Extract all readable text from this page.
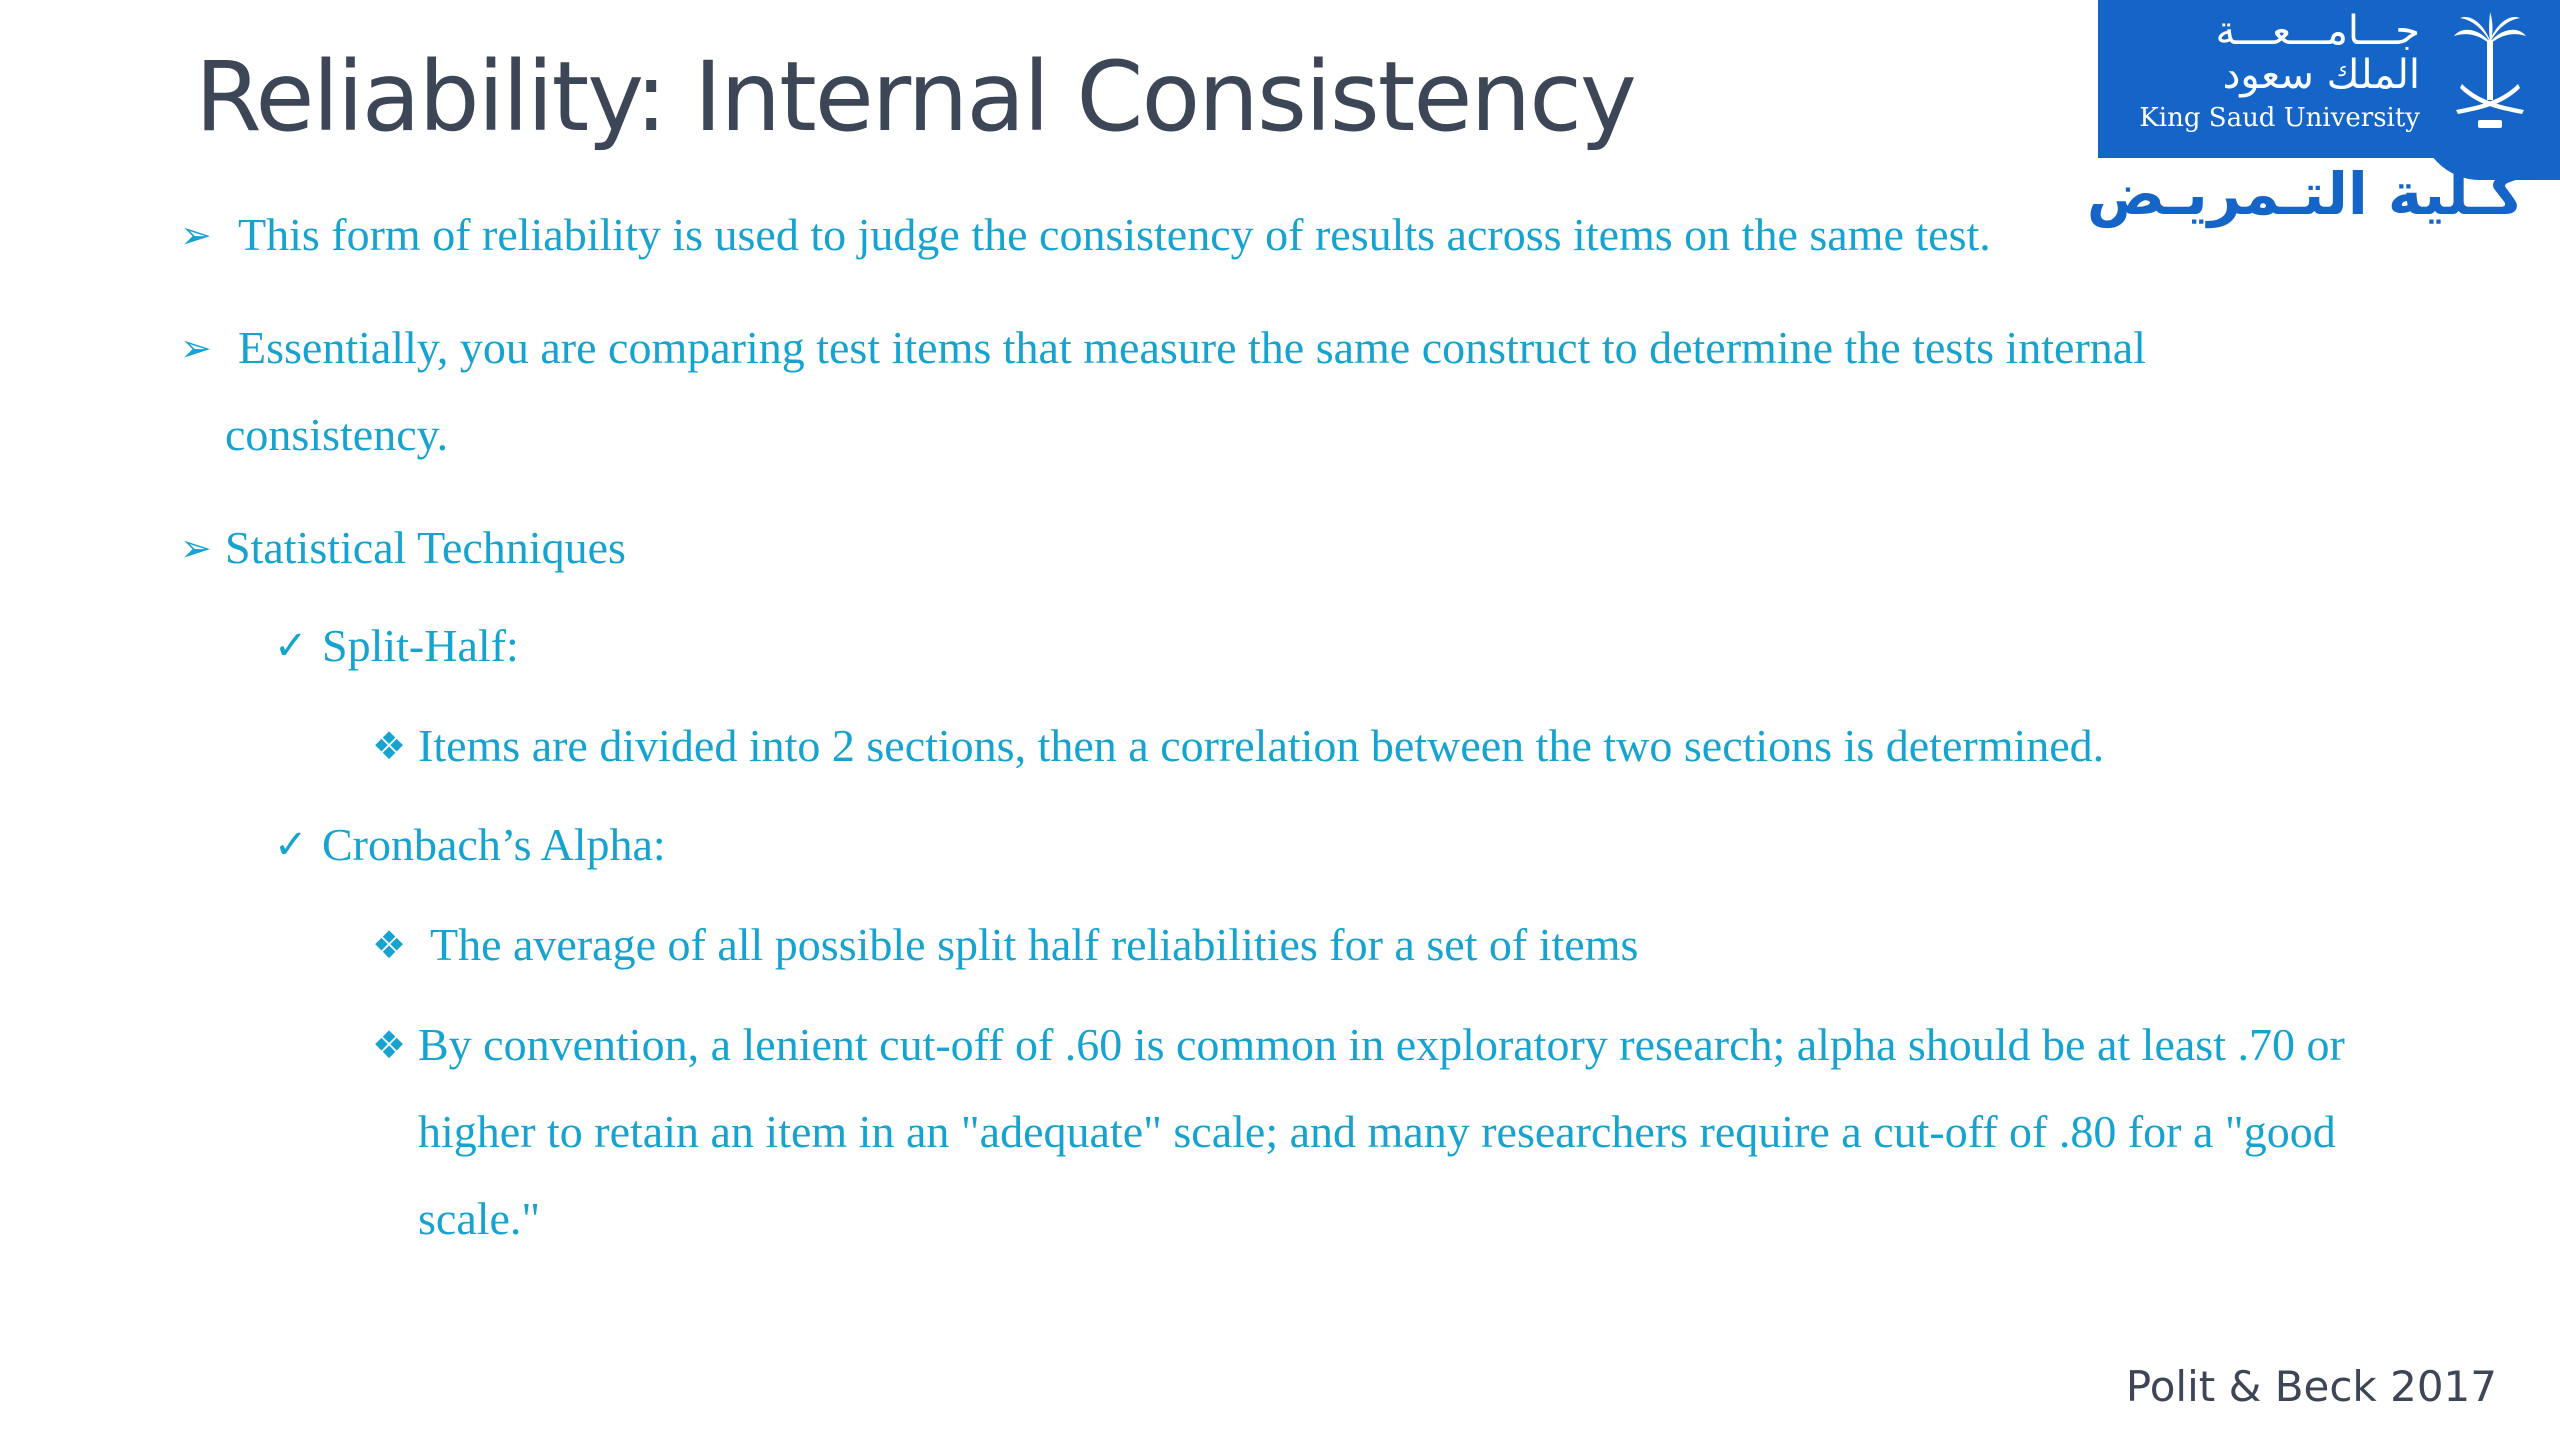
Reliability: Internal Consistency
جـــامـــعـــة
الملك سعود
King Saud University
كـلية التـمريـض
➢ This form of reliability is used to judge the consistency of results across items on the same test.
➢ Essentially, you are comparing test items that measure the same construct to determine the tests internal
consistency.
➢ Statistical Techniques
✓ Split-Half:
❖ Items are divided into 2 sections, then a correlation between the two sections is determined.
✓ Cronbach’s Alpha:
❖ The average of all possible split half reliabilities for a set of items
❖ By convention, a lenient cut-off of .60 is common in exploratory research; alpha should be at least .70 or
higher to retain an item in an "adequate" scale; and many researchers require a cut-off of .80 for a "good
scale."
Polit & Beck 2017
